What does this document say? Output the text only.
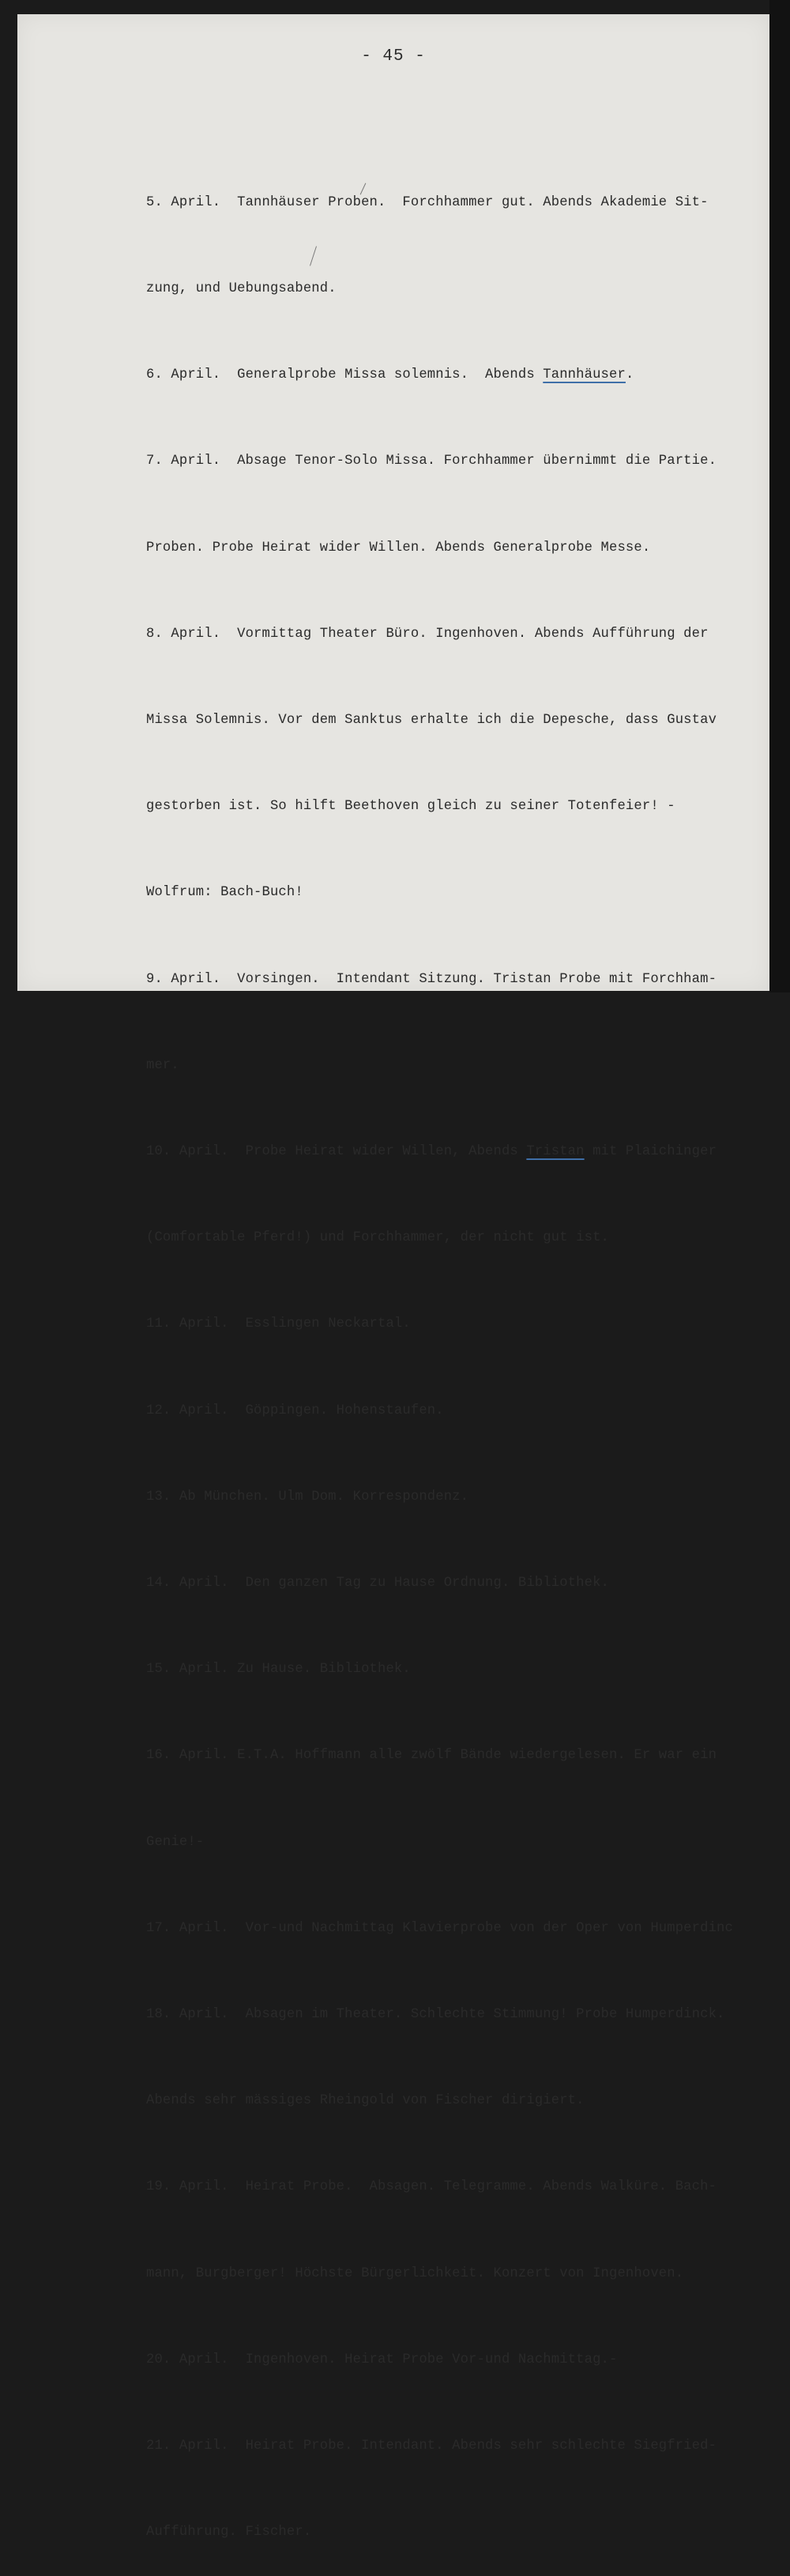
- 45 -

5. April.  Tannhäuser Proben.  Forchhammer gut. Abends Akademie Sit-

zung, und Uebungsabend.

6. April.  Generalprobe Missa solemnis.  Abends Tannhäuser.

7. April.  Absage Tenor-Solo Missa. Forchhammer übernimmt die Partie.

Proben. Probe Heirat wider Willen. Abends Generalprobe Messe.

8. April.  Vormittag Theater Büro. Ingenhoven. Abends Aufführung der

Missa Solemnis. Vor dem Sanktus erhalte ich die Depesche, dass Gustav

gestorben ist. So hilft Beethoven gleich zu seiner Totenfeier! -

Wolfrum: Bach-Buch!

9. April.  Vorsingen.  Intendant Sitzung. Tristan Probe mit Forchham-

mer.

10. April.  Probe Heirat wider Willen, Abends Tristan mit Plaichinger

(Comfortable Pferd!) und Forchhammer, der nicht gut ist.

11. April.  Esslingen Neckartal.

12. April.  Göppingen. Hohenstaufen.

13. Ab München. Ulm Dom. Korrespondenz.

14. April.  Den ganzen Tag zu Hause Ordnung. Bibliothek.

15. April. Zu Hause. Bibliothek.

16. April. E.T.A. Hoffmann alle zwölf Bände wiedergelesen. Er war ein

Genie!-

17. April.  Vor-und Nachmittag Klavierprobe von der Oper von Humperdinc

18. April.  Absagen im Theater. Schlechte Stimmung! Probe Humperdinck.

Abends sehr mässiges Rheingold von Fischer dirigiert.

19. April.  Heirat Probe.  Absagen. Telegramme. Abends Walküre. Bach-

mann, Burgberger! Höchste Bürgerlichkeit. Konzert von Ingenhoven.

20. April.  Ingenhoven. Heirat Probe Vor-und Nachmittag.-

21. April.  Heirat Probe. Intendant. Abends sehr schlechte Siegfried-

Aufführung. Fischer.
